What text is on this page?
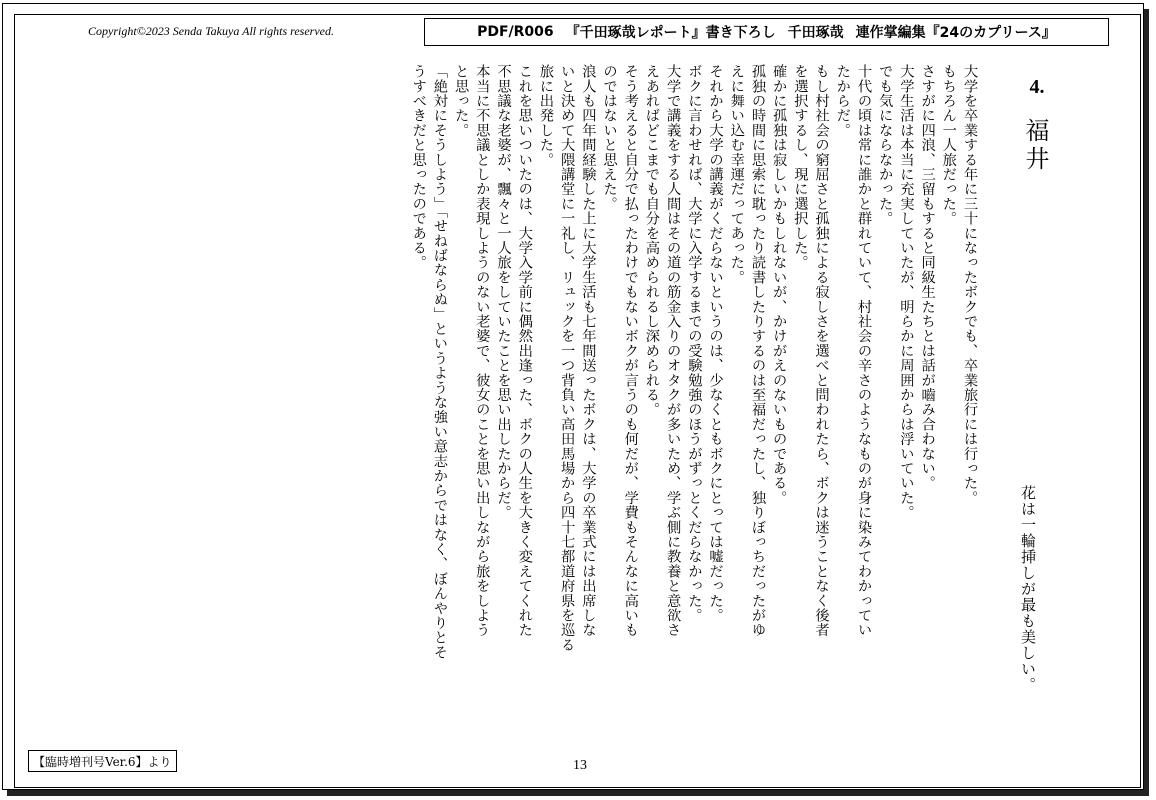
Copyright©2023 Senda Takuya All rights reserved.	PDF/R006 『千田琢哉レポート』書き下ろし 千田琢哉 連作掌編集『24のカプリース』
4.
福井
花は一輪挿しが最も美しい。

大学を卒業する年に三十になったボクでも、卒業旅行には行った。

もちろん一人旅だった。

さすがに四浪、三留もすると同級生たちとは話が嚙み合わない。

大学生活は本当に充実していたが、明らかに周囲からは浮いていた。

でも気にならなかった。

十代の頃は常に誰かと群れていて、村社会の辛さのようなものが身に染みてわかってい

たからだ。

もし村社会の窮屈さと孤独による寂しさを選べと問われたら、ボクは迷うことなく後者

を選択するし、現に選択した。

確かに孤独は寂しいかもしれないが、かけがえのないものである。

孤独の時間に思索に耽ったり読書したりするのは至福だったし、独りぼっちだったがゆ

えに舞い込む幸運だってあった。

それから大学の講義がくだらないというのは、少なくともボクにとっては嘘だった。

ボクに言わせれば、大学に入学するまでの受験勉強のほうがずっとくだらなかった。

大学で講義をする人間はその道の筋金入りのオタクが多いため、学ぶ側に教養と意欲さ

えあればどこまでも自分を高められるし深められる。

そう考えると自分で払ったわけでもないボクが言うのも何だが、学費もそんなに高いも

のではないと思えた。

浪人も四年間経験した上に大学生活も七年間送ったボクは、大学の卒業式には出席しな

いと決めて大隈講堂に一礼し、リュックを一つ背負い高田馬場から四十七都道府県を巡る

旅に出発した。

これを思いついたのは、大学入学前に偶然出逢った、ボクの人生を大きく変えてくれた

不思議な老婆が、飄々と一人旅をしていたことを思い出したからだ。

本当に不思議としか表現しようのない老婆で、彼女のことを思い出しながら旅をしよう

と思った。

「絶対にそうしよう」「せねばならぬ」というような強い意志からではなく、ぼんやりとそ

うすべきだと思ったのである。

【臨時増刊号Ver.6】より	13
